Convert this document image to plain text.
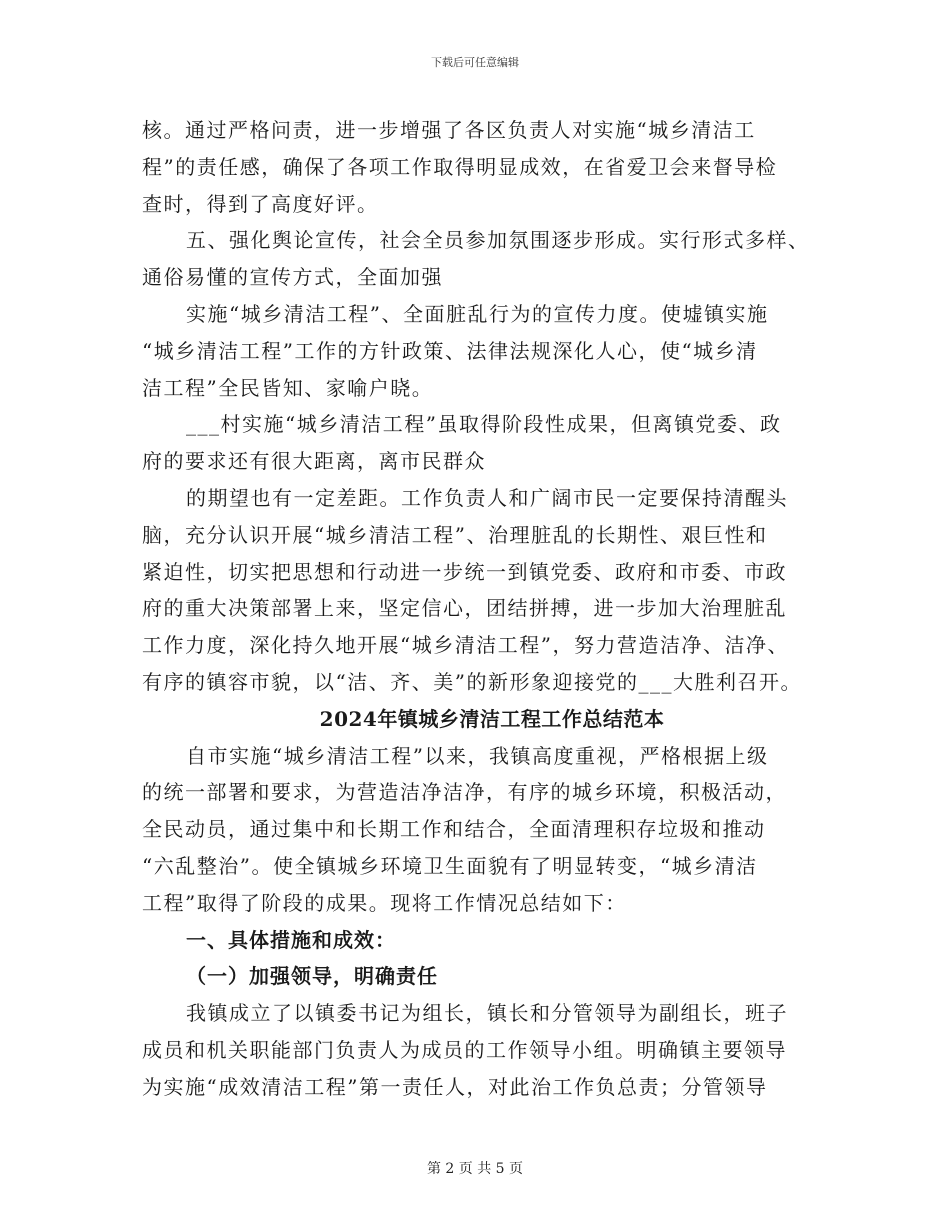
下载后可任意编辑
核。通过严格问责，进一步增强了各区负责人对实施“城乡清洁工
程”的责任感，确保了各项工作取得明显成效，在省爱卫会来督导检
查时，得到了高度好评。
五、强化舆论宣传，社会全员参加氛围逐步形成。实行形式多样、
通俗易懂的宣传方式，全面加强
实施“城乡清洁工程”、全面脏乱行为的宣传力度。使墟镇实施
“城乡清洁工程”工作的方针政策、法律法规深化人心，使“城乡清
洁工程”全民皆知、家喻户晓。
___村实施“城乡清洁工程”虽取得阶段性成果，但离镇党委、政
府的要求还有很大距离，离市民群众
的期望也有一定差距。工作负责人和广阔市民一定要保持清醒头
脑，充分认识开展“城乡清洁工程”、治理脏乱的长期性、艰巨性和
紧迫性，切实把思想和行动进一步统一到镇党委、政府和市委、市政
府的重大决策部署上来，坚定信心，团结拼搏，进一步加大治理脏乱
工作力度，深化持久地开展“城乡清洁工程”，努力营造洁净、洁净、
有序的镇容市貌，以“洁、齐、美”的新形象迎接党的___大胜利召开。
2024年镇城乡清洁工程工作总结范本
自市实施“城乡清洁工程”以来，我镇高度重视，严格根据上级
的统一部署和要求，为营造洁净洁净，有序的城乡环境，积极活动，
全民动员，通过集中和长期工作和结合，全面清理积存垃圾和推动
“六乱整治”。使全镇城乡环境卫生面貌有了明显转变，“城乡清洁
工程”取得了阶段的成果。现将工作情况总结如下：
一、具体措施和成效：
（一）加强领导，明确责任
我镇成立了以镇委书记为组长，镇长和分管领导为副组长，班子
成员和机关职能部门负责人为成员的工作领导小组。明确镇主要领导
为实施“成效清洁工程”第一责任人，对此治工作负总责；分管领导
第 2 页 共 5 页
